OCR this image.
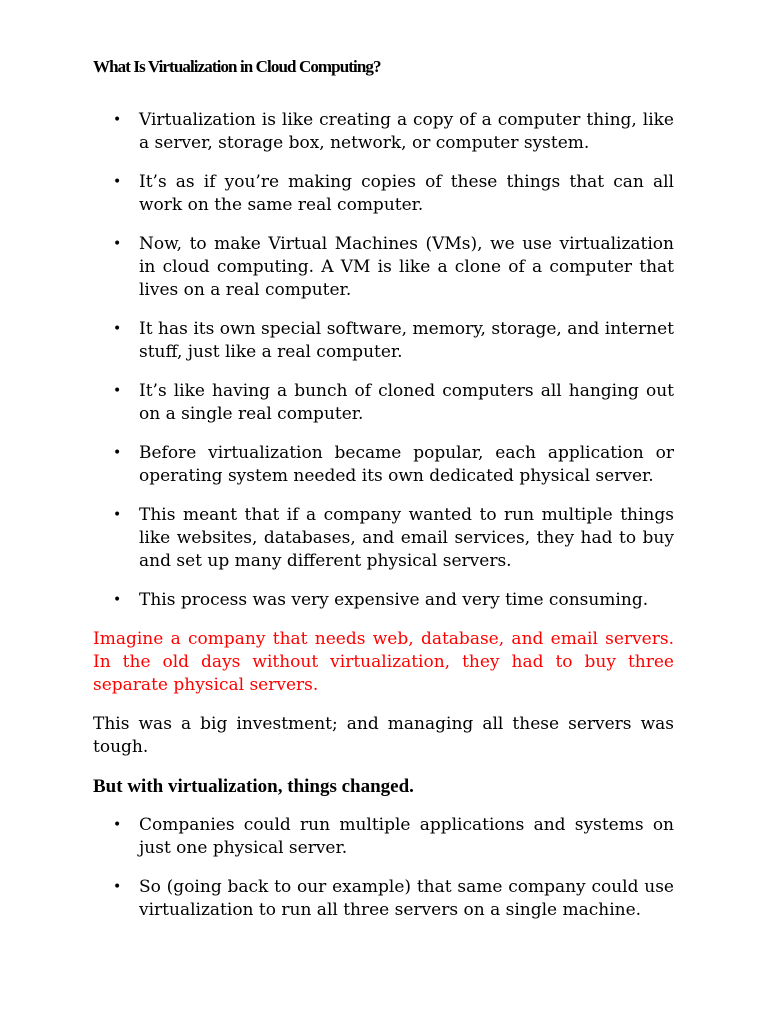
What Is Virtualization in Cloud Computing?
• Virtualization is like creating a copy of a computer thing, like a server, storage box, network, or computer system.
• It’s as if you’re making copies of these things that can all work on the same real computer.
• Now, to make Virtual Machines (VMs), we use virtualization in cloud computing. A VM is like a clone of a computer that lives on a real computer.
• It has its own special software, memory, storage, and internet stuff, just like a real computer.
• It’s like having a bunch of cloned computers all hanging out on a single real computer.
• Before virtualization became popular, each application or operating system needed its own dedicated physical server.
• This meant that if a company wanted to run multiple things like websites, databases, and email services, they had to buy and set up many different physical servers.
• This process was very expensive and very time consuming.

Imagine a company that needs web, database, and email servers. In the old days without virtualization, they had to buy three separate physical servers.

This was a big investment; and managing all these servers was tough.

But with virtualization, things changed.
• Companies could run multiple applications and systems on just one physical server.
• So (going back to our example) that same company could use virtualization to run all three servers on a single machine.
